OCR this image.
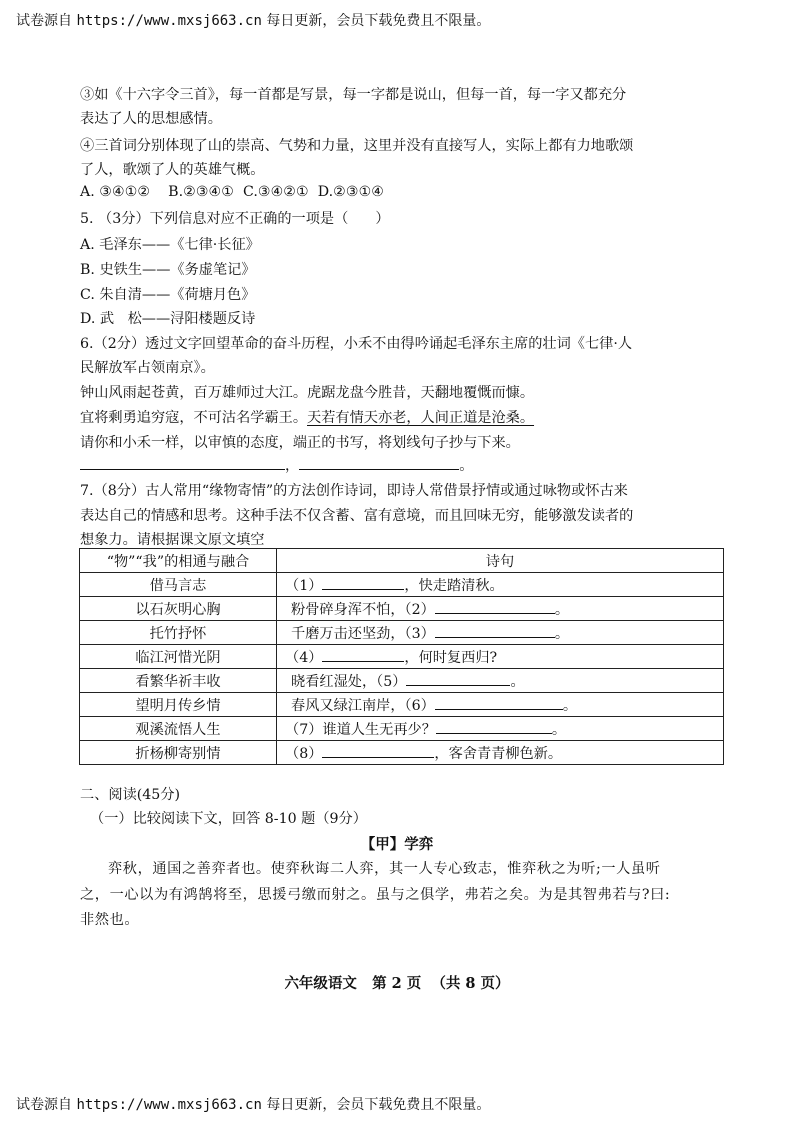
试卷源自 https://www.mxsj663.cn 每日更新，会员下载免费且不限量。
③如《十六字令三首》，每一首都是写景，每一字都是说山，但每一首，每一字又都充分
表达了人的思想感情。
④三首词分别体现了山的崇高、气势和力量，这里并没有直接写人，实际上都有力地歌颂
了人，歌颂了人的英雄气概。
A. ③④①②    B.②③④①  C.③④②①  D.②③①④
5. （3分）下列信息对应不正确的一项是（      ）
A. 毛泽东——《七律·长征》
B. 史铁生——《务虚笔记》
C. 朱自清——《荷塘月色》
D. 武   松——浔阳楼题反诗
6.（2分）透过文字回望革命的奋斗历程，小禾不由得吟诵起毛泽东主席的壮词《七律·人
民解放军占领南京》。
钟山风雨起苍黄，百万雄师过大江。虎踞龙盘今胜昔，天翻地覆慨而慷。
宜将剩勇追穷寇，不可沽名学霸王。天若有情天亦老，人间正道是沧桑。
请你和小禾一样，以审慎的态度，端正的书写，将划线句子抄与下来。
，	。
7.（8分）古人常用“缘物寄情”的方法创作诗词，即诗人常借景抒情或通过咏物或怀古来
表达自己的情感和思考。这种手法不仅含蓄、富有意境，而且回味无穷，能够激发读者的
想象力。请根据课文原文填空
“物”“我”的相通与融合	诗句
借马言志	（1） ，快走踏清秋。
以石灰明心胸	粉骨碎身浑不怕，（2） 。
托竹抒怀	千磨万击还坚劲，（3） 。
临江河惜光阴	（4） ，何时复西归?
看繁华祈丰收	晓看红湿处，（5） 。
望明月传乡情	春风又绿江南岸，（6） 。
观溪流悟人生	（7）谁道人生无再少？ 。
折杨柳寄别情	（8） ，客舍青青柳色新。
二、阅读(45分)
（一）比较阅读下文，回答 8-10 题（9分）
【甲】学弈
弈秋，通国之善弈者也。使弈秋诲二人弈，其一人专心致志，惟弈秋之为听;一人虽听
之，一心以为有鸿鹄将至，思援弓缴而射之。虽与之俱学，弗若之矣。为是其智弗若与?曰:
非然也。
六年级语文   第 2 页  （共 8 页）
试卷源自 https://www.mxsj663.cn 每日更新，会员下载免费且不限量。
